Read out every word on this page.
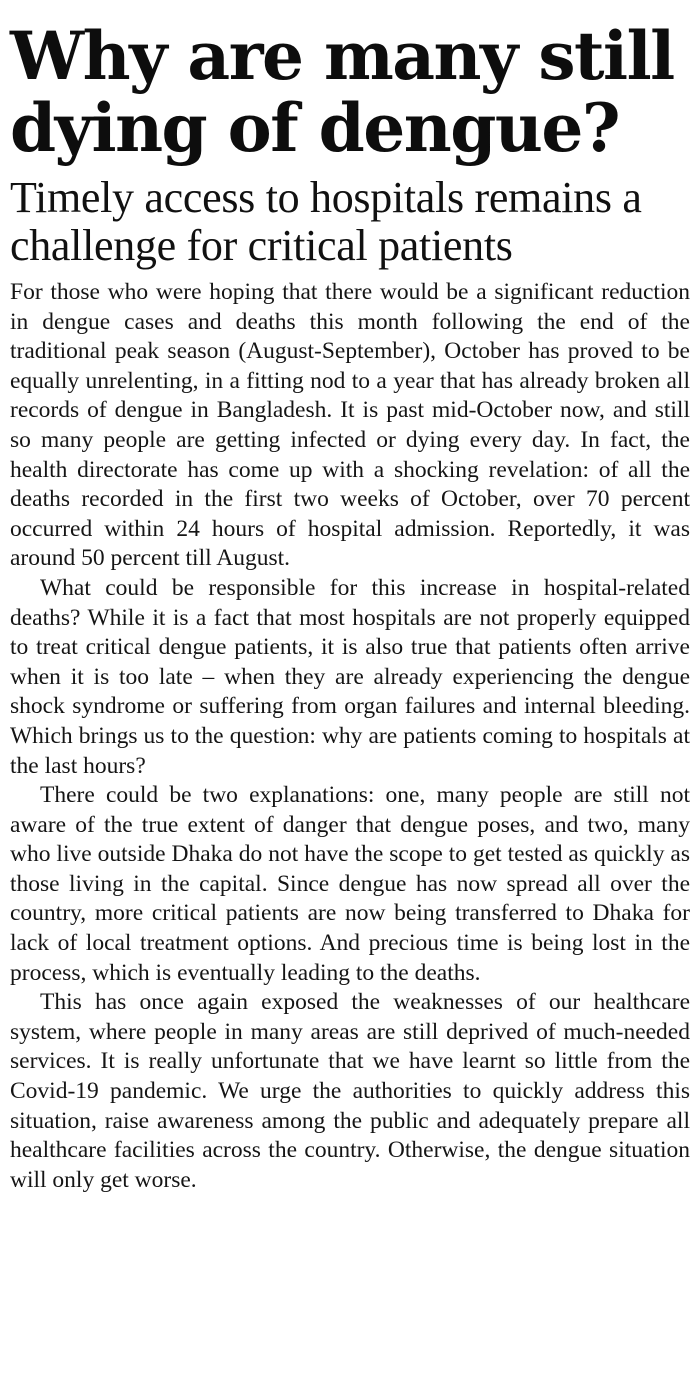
Why are many still dying of dengue?
Timely access to hospitals remains a challenge for critical patients

For those who were hoping that there would be a significant reduction in dengue cases and deaths this month following the end of the traditional peak season (August-September), October has proved to be equally unrelenting, in a fitting nod to a year that has already broken all records of dengue in Bangladesh. It is past mid-October now, and still so many people are getting infected or dying every day. In fact, the health directorate has come up with a shocking revelation: of all the deaths recorded in the first two weeks of October, over 70 percent occurred within 24 hours of hospital admission. Reportedly, it was around 50 percent till August.

What could be responsible for this increase in hospital-related deaths? While it is a fact that most hospitals are not properly equipped to treat critical dengue patients, it is also true that patients often arrive when it is too late – when they are already experiencing the dengue shock syndrome or suffering from organ failures and internal bleeding. Which brings us to the question: why are patients coming to hospitals at the last hours?

There could be two explanations: one, many people are still not aware of the true extent of danger that dengue poses, and two, many who live outside Dhaka do not have the scope to get tested as quickly as those living in the capital. Since dengue has now spread all over the country, more critical patients are now being transferred to Dhaka for lack of local treatment options. And precious time is being lost in the process, which is eventually leading to the deaths.

This has once again exposed the weaknesses of our healthcare system, where people in many areas are still deprived of much-needed services. It is really unfortunate that we have learnt so little from the Covid-19 pandemic. We urge the authorities to quickly address this situation, raise awareness among the public and adequately prepare all healthcare facilities across the country. Otherwise, the dengue situation will only get worse.
